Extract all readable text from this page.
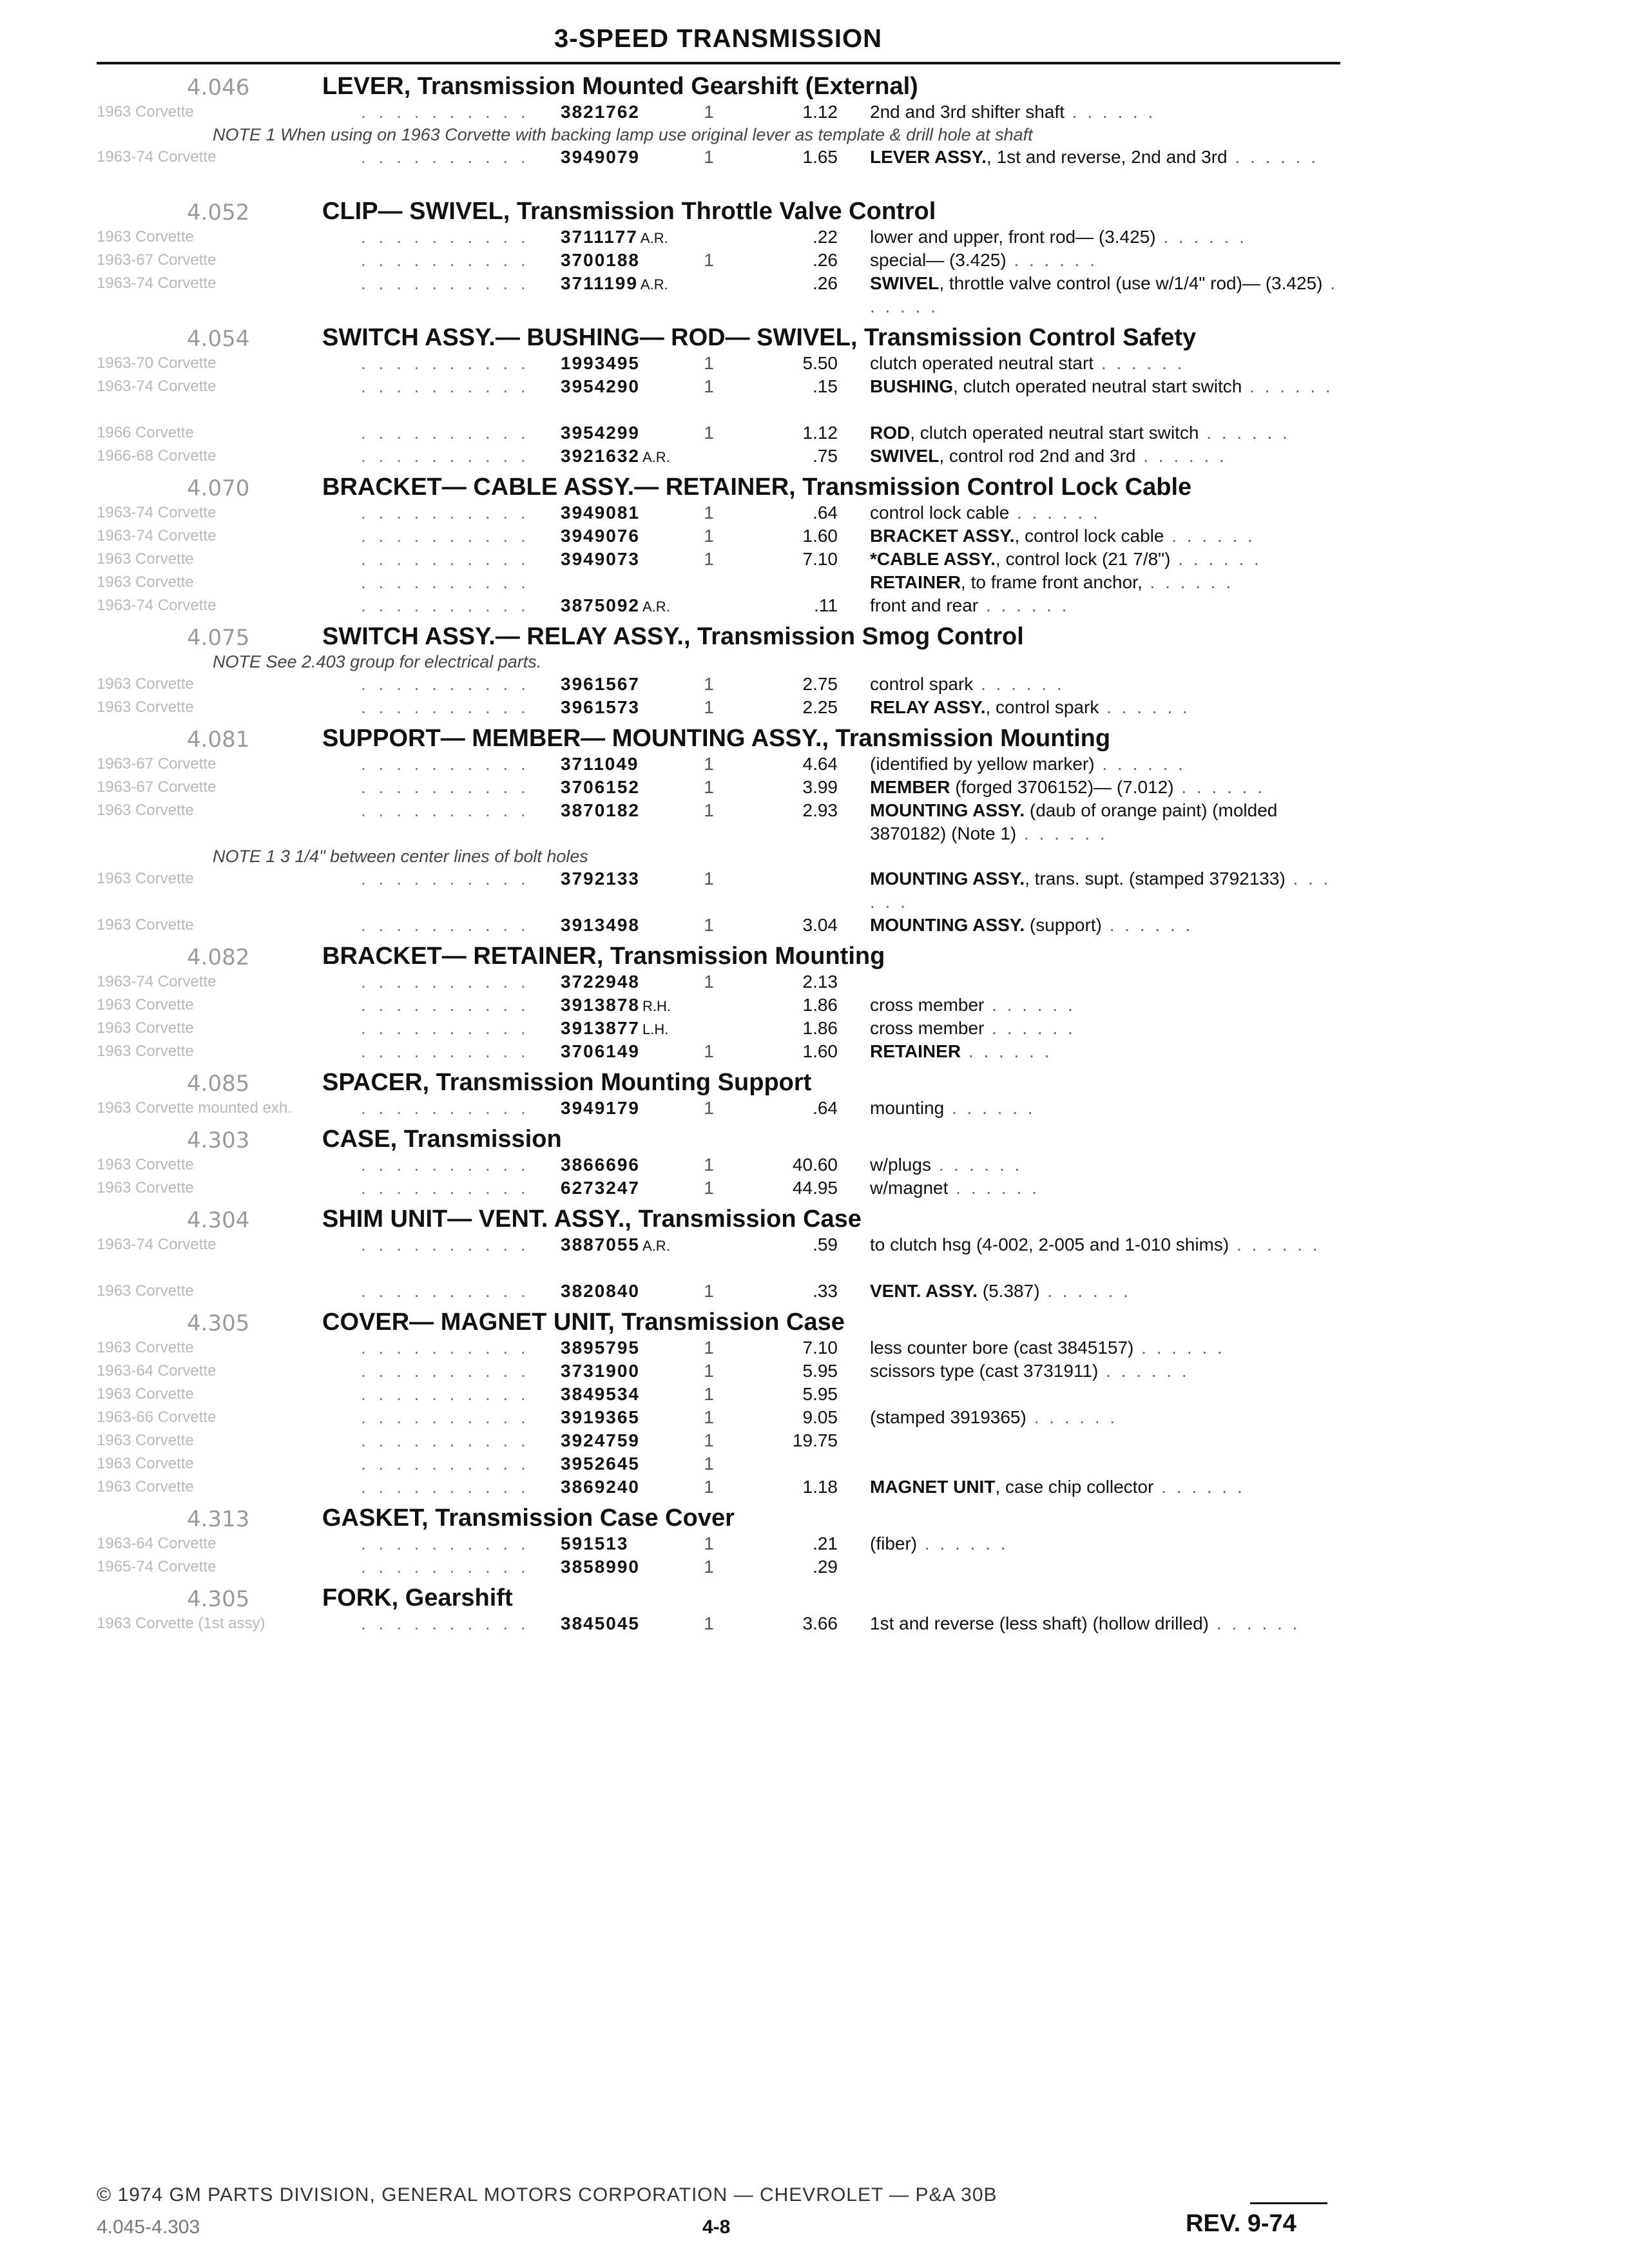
3-SPEED TRANSMISSION
4.046	LEVER, Transmission Mounted Gearshift (External)
1963 Corvette	. . . . . . . . . .	3821762	1	1.12 2nd and 3rd shifter shaft . . . . . .
NOTE 1 When using on 1963 Corvette with backing lamp use original lever as template & drill hole at shaft
1963-74 Corvette	. . . . . . . . . .	3949079	1	1.65 LEVER ASSY., 1st and reverse, 2nd and 3rd . . . . . .
4.052	CLIP— SWIVEL, Transmission Throttle Valve Control
1963 Corvette	. . . . . . . . . .	3711177 A.R.	.22 lower and upper, front rod— (3.425) . . . . . .
1963-67 Corvette	. . . . . . . . . .	3700188	1	.26 special— (3.425) . . . . . .
1963-74 Corvette	. . . . . . . . . .	3711199 A.R.	.26 SWIVEL, throttle valve control (use w/1/4" rod)— (3.425) . . . . . .
4.054	SWITCH ASSY.— BUSHING— ROD— SWIVEL, Transmission Control Safety
1963-70 Corvette	. . . . . . . . . .	1993495	1	5.50 clutch operated neutral start . . . . . .
1963-74 Corvette	. . . . . . . . . .	3954290	1	.15 BUSHING, clutch operated neutral start switch . . . . . .
1966 Corvette	. . . . . . . . . .	3954299	1	1.12 ROD, clutch operated neutral start switch . . . . . .
1966-68 Corvette	. . . . . . . . . .	3921632 A.R.	.75 SWIVEL, control rod 2nd and 3rd . . . . . .
4.070	BRACKET— CABLE ASSY.— RETAINER, Transmission Control Lock Cable
1963-74 Corvette	. . . . . . . . . .	3949081	1	.64 control lock cable . . . . . .
1963-74 Corvette	. . . . . . . . . .	3949076	1	1.60 BRACKET ASSY., control lock cable . . . . . .
1963 Corvette	. . . . . . . . . .	3949073	1	7.10 *CABLE ASSY., control lock (21 7/8") . . . . . .
1963 Corvette	. . . . . . . . . .	RETAINER, to frame front anchor, . . . . . .
1963-74 Corvette	. . . . . . . . . .	3875092 A.R.	.11 front and rear . . . . . .
4.075	SWITCH ASSY.— RELAY ASSY., Transmission Smog Control
NOTE See 2.403 group for electrical parts.
1963 Corvette	. . . . . . . . . .	3961567	1	2.75 control spark . . . . . .
1963 Corvette	. . . . . . . . . .	3961573	1	2.25 RELAY ASSY., control spark . . . . . .
4.081	SUPPORT— MEMBER— MOUNTING ASSY., Transmission Mounting
1963-67 Corvette	. . . . . . . . . .	3711049	1	4.64 (identified by yellow marker) . . . . . .
1963-67 Corvette	. . . . . . . . . .	3706152	1	3.99 MEMBER (forged 3706152)— (7.012) . . . . . .
1963 Corvette	. . . . . . . . . .	3870182	1	2.93 MOUNTING ASSY. (daub of orange paint) (molded 3870182) (Note 1) . . . . . .
NOTE 1 3 1/4" between center lines of bolt holes
1963 Corvette	. . . . . . . . . .	3792133	1	MOUNTING ASSY., trans. supt. (stamped 3792133) . . . . . .
1963 Corvette	. . . . . . . . . .	3913498	1	3.04 MOUNTING ASSY. (support) . . . . . .
4.082	BRACKET— RETAINER, Transmission Mounting
1963-74 Corvette	. . . . . . . . . .	3722948	1	2.13
1963 Corvette	. . . . . . . . . .	3913878 R.H.	1.86 cross member . . . . . .
1963 Corvette	. . . . . . . . . .	3913877 L.H.	1.86 cross member . . . . . .
1963 Corvette	. . . . . . . . . .	3706149	1	1.60 RETAINER . . . . . .
4.085	SPACER, Transmission Mounting Support
1963 Corvette mounted exh.	. . . . . . . . . .	3949179	1	.64 mounting . . . . . .
4.303	CASE, Transmission
1963 Corvette	. . . . . . . . . .	3866696	1	40.60 w/plugs . . . . . .
1963 Corvette	. . . . . . . . . .	6273247	1	44.95 w/magnet . . . . . .
4.304	SHIM UNIT— VENT. ASSY., Transmission Case
1963-74 Corvette	. . . . . . . . . .	3887055 A.R.	.59 to clutch hsg (4-002, 2-005 and 1-010 shims) . . . . . .
1963 Corvette	. . . . . . . . . .	3820840	1	.33 VENT. ASSY. (5.387) . . . . . .
4.305	COVER— MAGNET UNIT, Transmission Case
1963 Corvette	. . . . . . . . . .	3895795	1	7.10 less counter bore (cast 3845157) . . . . . .
1963-64 Corvette	. . . . . . . . . .	3731900	1	5.95 scissors type (cast 3731911) . . . . . .
1963 Corvette	. . . . . . . . . .	3849534	1	5.95
1963-66 Corvette	. . . . . . . . . .	3919365	1	9.05 (stamped 3919365) . . . . . .
1963 Corvette	. . . . . . . . . .	3924759	1	19.75
1963 Corvette	. . . . . . . . . .	3952645	1
1963 Corvette	. . . . . . . . . .	3869240	1	1.18 MAGNET UNIT, case chip collector . . . . . .
4.313	GASKET, Transmission Case Cover
1963-64 Corvette	. . . . . . . . . .	591513	1	.21 (fiber) . . . . . .
1965-74 Corvette	. . . . . . . . . .	3858990	1	.29
4.305	FORK, Gearshift
1963 Corvette (1st assy)	. . . . . . . . . .	3845045	1	3.66 1st and reverse (less shaft) (hollow drilled) . . . . . .
© 1974 GM PARTS DIVISION, GENERAL MOTORS CORPORATION — CHEVROLET — P&A 30B
4.045-4.303	4-8	REV. 9-74
